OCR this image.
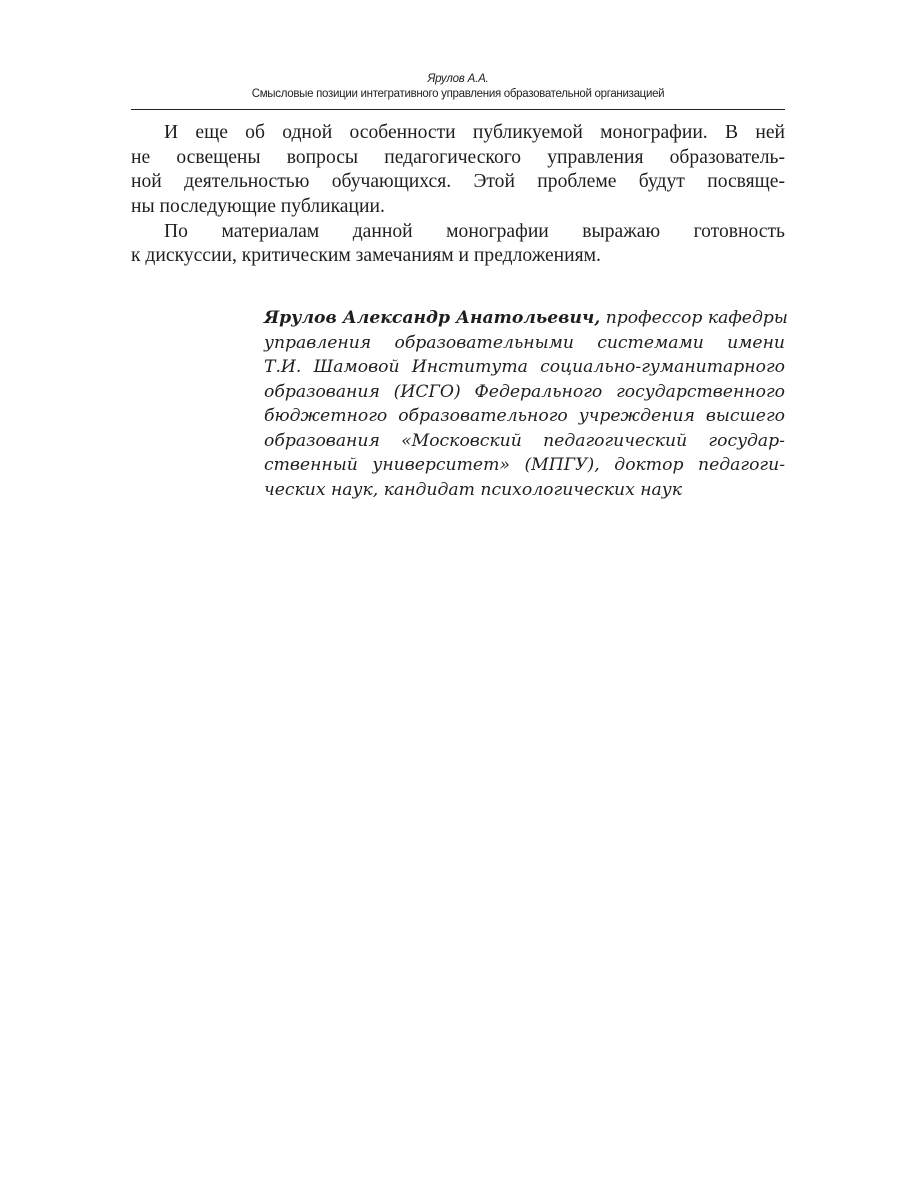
Ярулов А.А.
Смысловые позиции интегративного управления образовательной организацией
И еще об одной особенности публикуемой монографии. В ней
не освещены вопросы педагогического управления образователь-
ной деятельностью обучающихся. Этой проблеме будут посвяще-
ны последующие публикации.
По материалам данной монографии выражаю готовность
к дискуссии, критическим замечаниям и предложениям.
Ярулов Александр Анатольевич, профессор кафедры
управления образовательными системами имени
Т.И. Шамовой Института социально-гуманитарного
образования (ИСГО) Федерального государственного
бюджетного образовательного учреждения высшего
образования «Московский педагогический государ-
ственный университет» (МПГУ), доктор педагоги-
ческих наук, кандидат психологических наук
